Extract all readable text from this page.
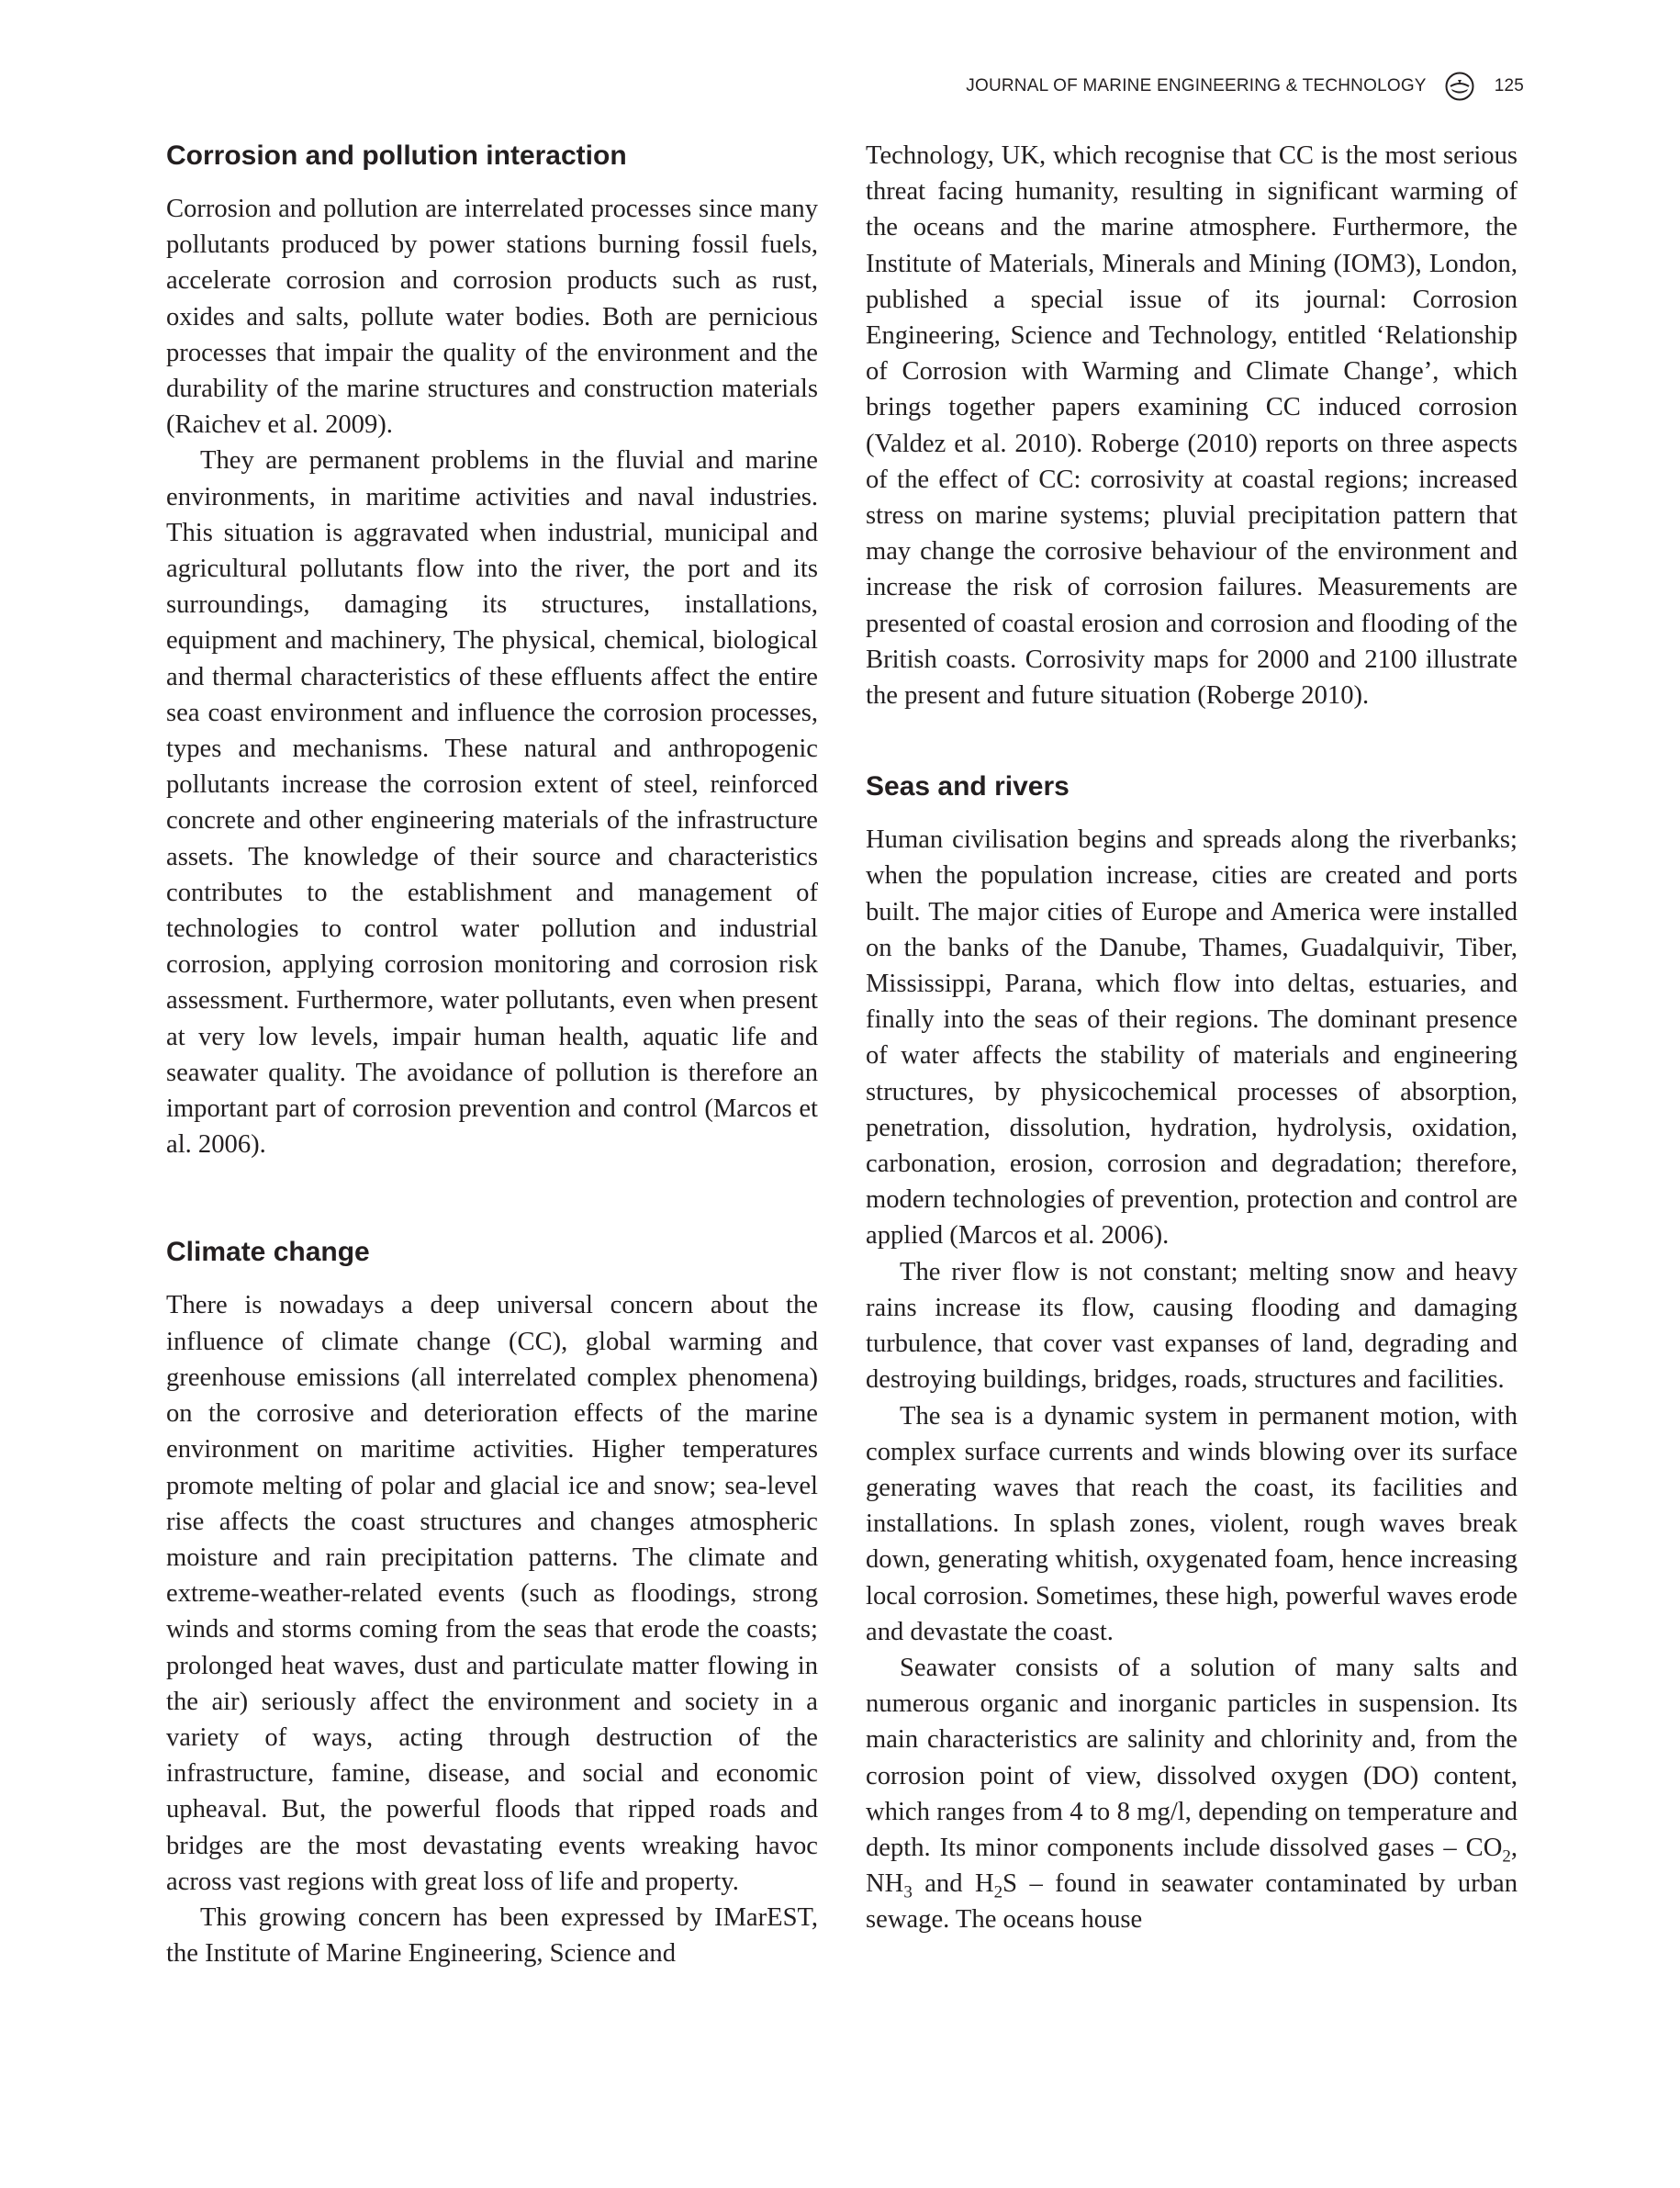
JOURNAL OF MARINE ENGINEERING & TECHNOLOGY	125
Corrosion and pollution interaction

Corrosion and pollution are interrelated processes since many pollutants produced by power stations burning fossil fuels, accelerate corrosion and corrosion products such as rust, oxides and salts, pollute water bodies. Both are pernicious processes that impair the quality of the environment and the durability of the marine structures and construction materials (Raichev et al. 2009).

They are permanent problems in the fluvial and marine environments, in maritime activities and naval industries. This situation is aggravated when industrial, municipal and agricultural pollutants flow into the river, the port and its surroundings, damaging its structures, installations, equipment and machinery, The physical, chemical, biological and thermal characteristics of these effluents affect the entire sea coast environment and influence the corrosion processes, types and mechanisms. These natural and anthropogenic pollutants increase the corrosion extent of steel, reinforced concrete and other engineering materials of the infrastructure assets. The knowledge of their source and characteristics contributes to the establishment and management of technologies to control water pollution and industrial corrosion, applying corrosion monitoring and corrosion risk assessment. Furthermore, water pollutants, even when present at very low levels, impair human health, aquatic life and seawater quality. The avoidance of pollution is therefore an important part of corrosion prevention and control (Marcos et al. 2006).

Climate change

There is nowadays a deep universal concern about the influence of climate change (CC), global warming and greenhouse emissions (all interrelated complex phenomena) on the corrosive and deterioration effects of the marine environment on maritime activities. Higher temperatures promote melting of polar and glacial ice and snow; sea-level rise affects the coast structures and changes atmospheric moisture and rain precipitation patterns. The climate and extreme-weather-related events (such as floodings, strong winds and storms coming from the seas that erode the coasts; prolonged heat waves, dust and particulate matter flowing in the air) seriously affect the environment and society in a variety of ways, acting through destruction of the infrastructure, famine, disease, and social and economic upheaval. But, the powerful floods that ripped roads and bridges are the most devastating events wreaking havoc across vast regions with great loss of life and property.

This growing concern has been expressed by IMarEST, the Institute of Marine Engineering, Science and

Technology, UK, which recognise that CC is the most serious threat facing humanity, resulting in significant warming of the oceans and the marine atmosphere. Furthermore, the Institute of Materials, Minerals and Mining (IOM3), London, published a special issue of its journal: Corrosion Engineering, Science and Technology, entitled ‘Relationship of Corrosion with Warming and Climate Change’, which brings together papers examining CC induced corrosion (Valdez et al. 2010). Roberge (2010) reports on three aspects of the effect of CC: corrosivity at coastal regions; increased stress on marine systems; pluvial precipitation pattern that may change the corrosive behaviour of the environment and increase the risk of corrosion failures. Measurements are presented of coastal erosion and corrosion and flooding of the British coasts. Corrosivity maps for 2000 and 2100 illustrate the present and future situation (Roberge 2010).

Seas and rivers

Human civilisation begins and spreads along the riverbanks; when the population increase, cities are created and ports built. The major cities of Europe and America were installed on the banks of the Danube, Thames, Guadalquivir, Tiber, Mississippi, Parana, which flow into deltas, estuaries, and finally into the seas of their regions. The dominant presence of water affects the stability of materials and engineering structures, by physicochemical processes of absorption, penetration, dissolution, hydration, hydrolysis, oxidation, carbonation, erosion, corrosion and degradation; therefore, modern technologies of prevention, protection and control are applied (Marcos et al. 2006).

The river flow is not constant; melting snow and heavy rains increase its flow, causing flooding and damaging turbulence, that cover vast expanses of land, degrading and destroying buildings, bridges, roads, structures and facilities.

The sea is a dynamic system in permanent motion, with complex surface currents and winds blowing over its surface generating waves that reach the coast, its facilities and installations. In splash zones, violent, rough waves break down, generating whitish, oxygenated foam, hence increasing local corrosion. Sometimes, these high, powerful waves erode and devastate the coast.

Seawater consists of a solution of many salts and numerous organic and inorganic particles in suspension. Its main characteristics are salinity and chlorinity and, from the corrosion point of view, dissolved oxygen (DO) content, which ranges from 4 to 8 mg/l, depending on temperature and depth. Its minor components include dissolved gases – $CO_2$, $NH_3$ and $H_2S$ – found in seawater contaminated by urban sewage. The oceans house
